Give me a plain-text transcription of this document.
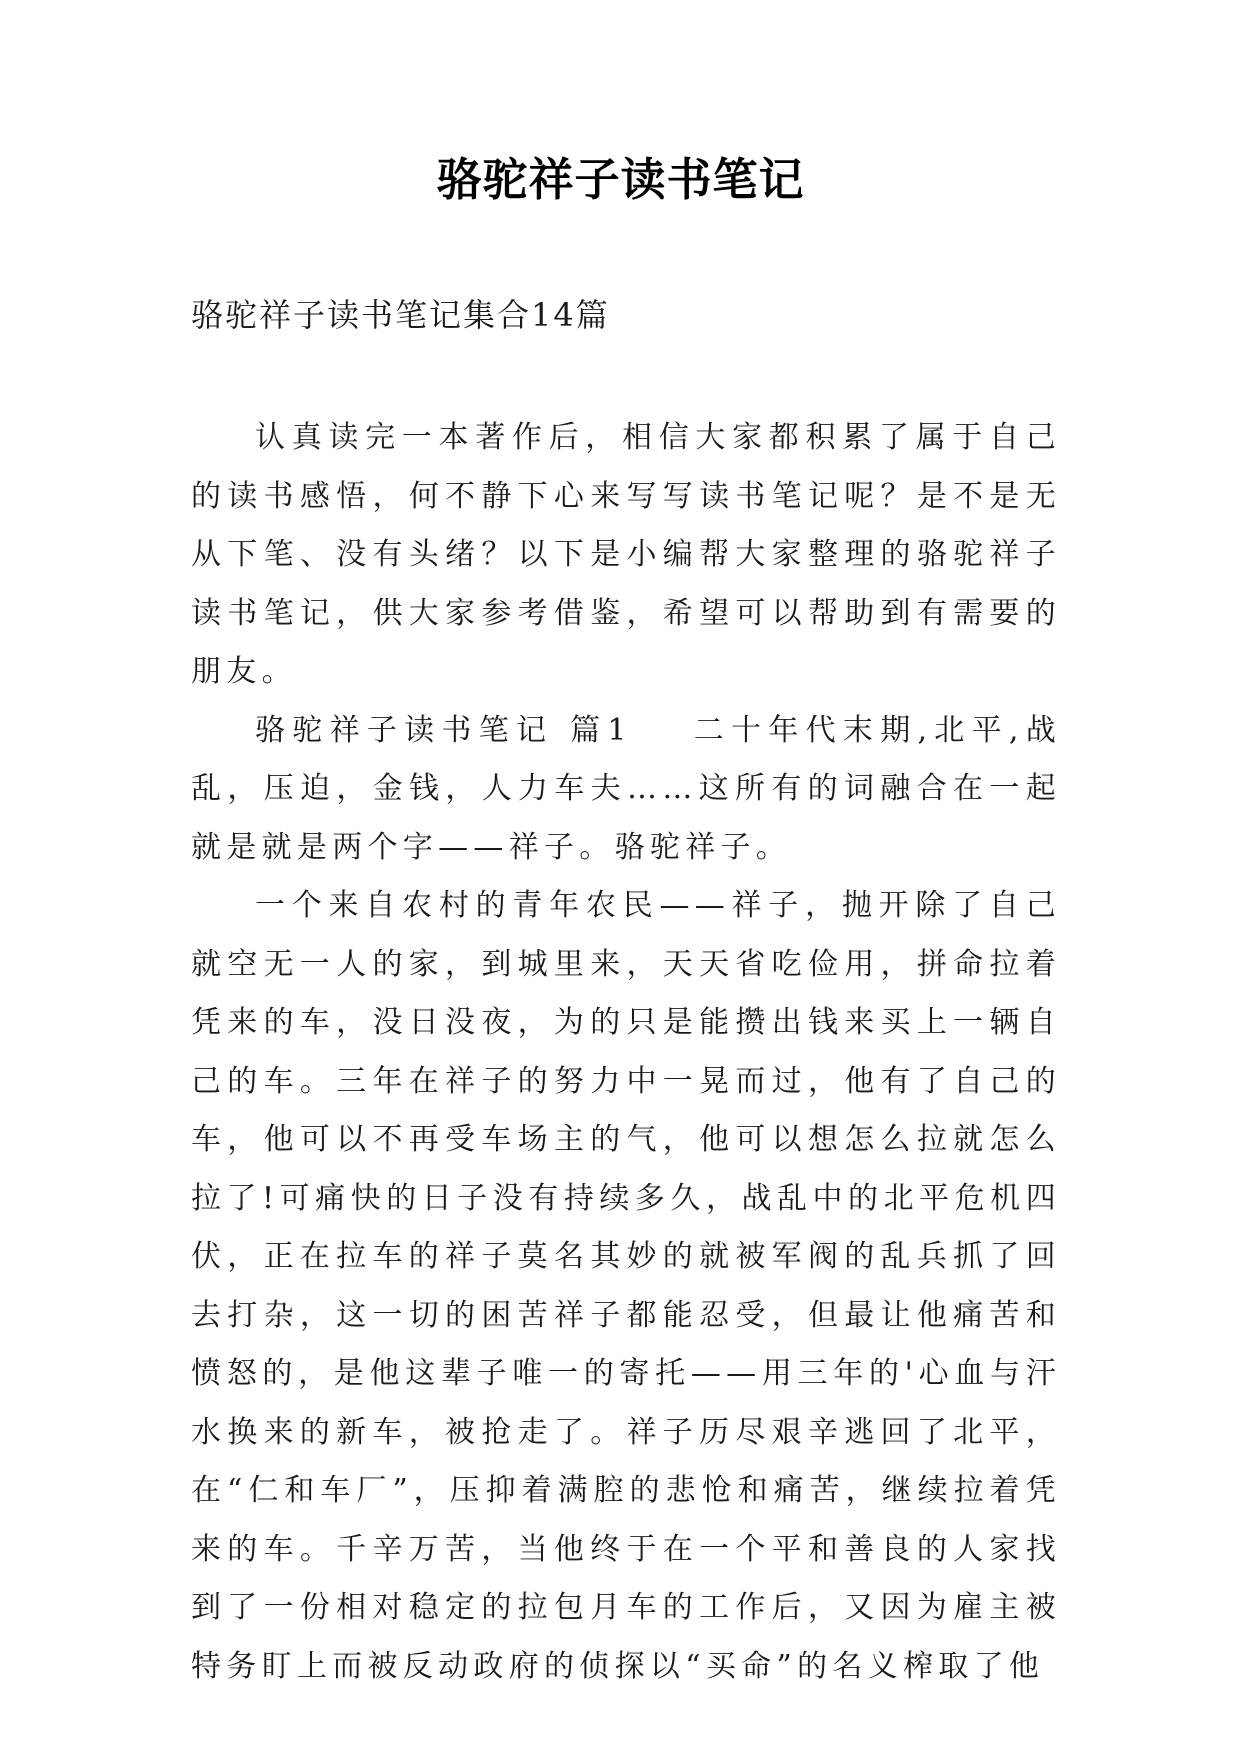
骆驼祥子读书笔记

骆驼祥子读书笔记集合14篇

认真读完一本著作后，相信大家都积累了属于自己的读书感悟，何不静下心来写写读书笔记呢？是不是无从下笔、没有头绪？以下是小编帮大家整理的骆驼祥子读书笔记，供大家参考借鉴，希望可以帮助到有需要的朋友。

骆驼祥子读书笔记 篇1 二十年代末期,北平,战乱，压迫，金钱，人力车夫……这所有的词融合在一起就是就是两个字——祥子。骆驼祥子。

一个来自农村的青年农民——祥子，抛开除了自己就空无一人的家，到城里来，天天省吃俭用，拼命拉着凭来的车，没日没夜，为的只是能攒出钱来买上一辆自己的车。三年在祥子的努力中一晃而过，他有了自己的车，他可以不再受车场主的气，他可以想怎么拉就怎么拉了!可痛快的日子没有持续多久，战乱中的北平危机四伏，正在拉车的祥子莫名其妙的就被军阀的乱兵抓了回去打杂，这一切的困苦祥子都能忍受，但最让他痛苦和愤怒的，是他这辈子唯一的寄托——用三年的'心血与汗水换来的新车，被抢走了。祥子历尽艰辛逃回了北平，在“仁和车厂”，压抑着满腔的悲怆和痛苦，继续拉着凭来的车。千辛万苦，当他终于在一个平和善良的人家找到了一份相对稳定的拉包月车的工作后，又因为雇主被特务盯上而被反动政府的侦探以“买命”的名义榨取了他
